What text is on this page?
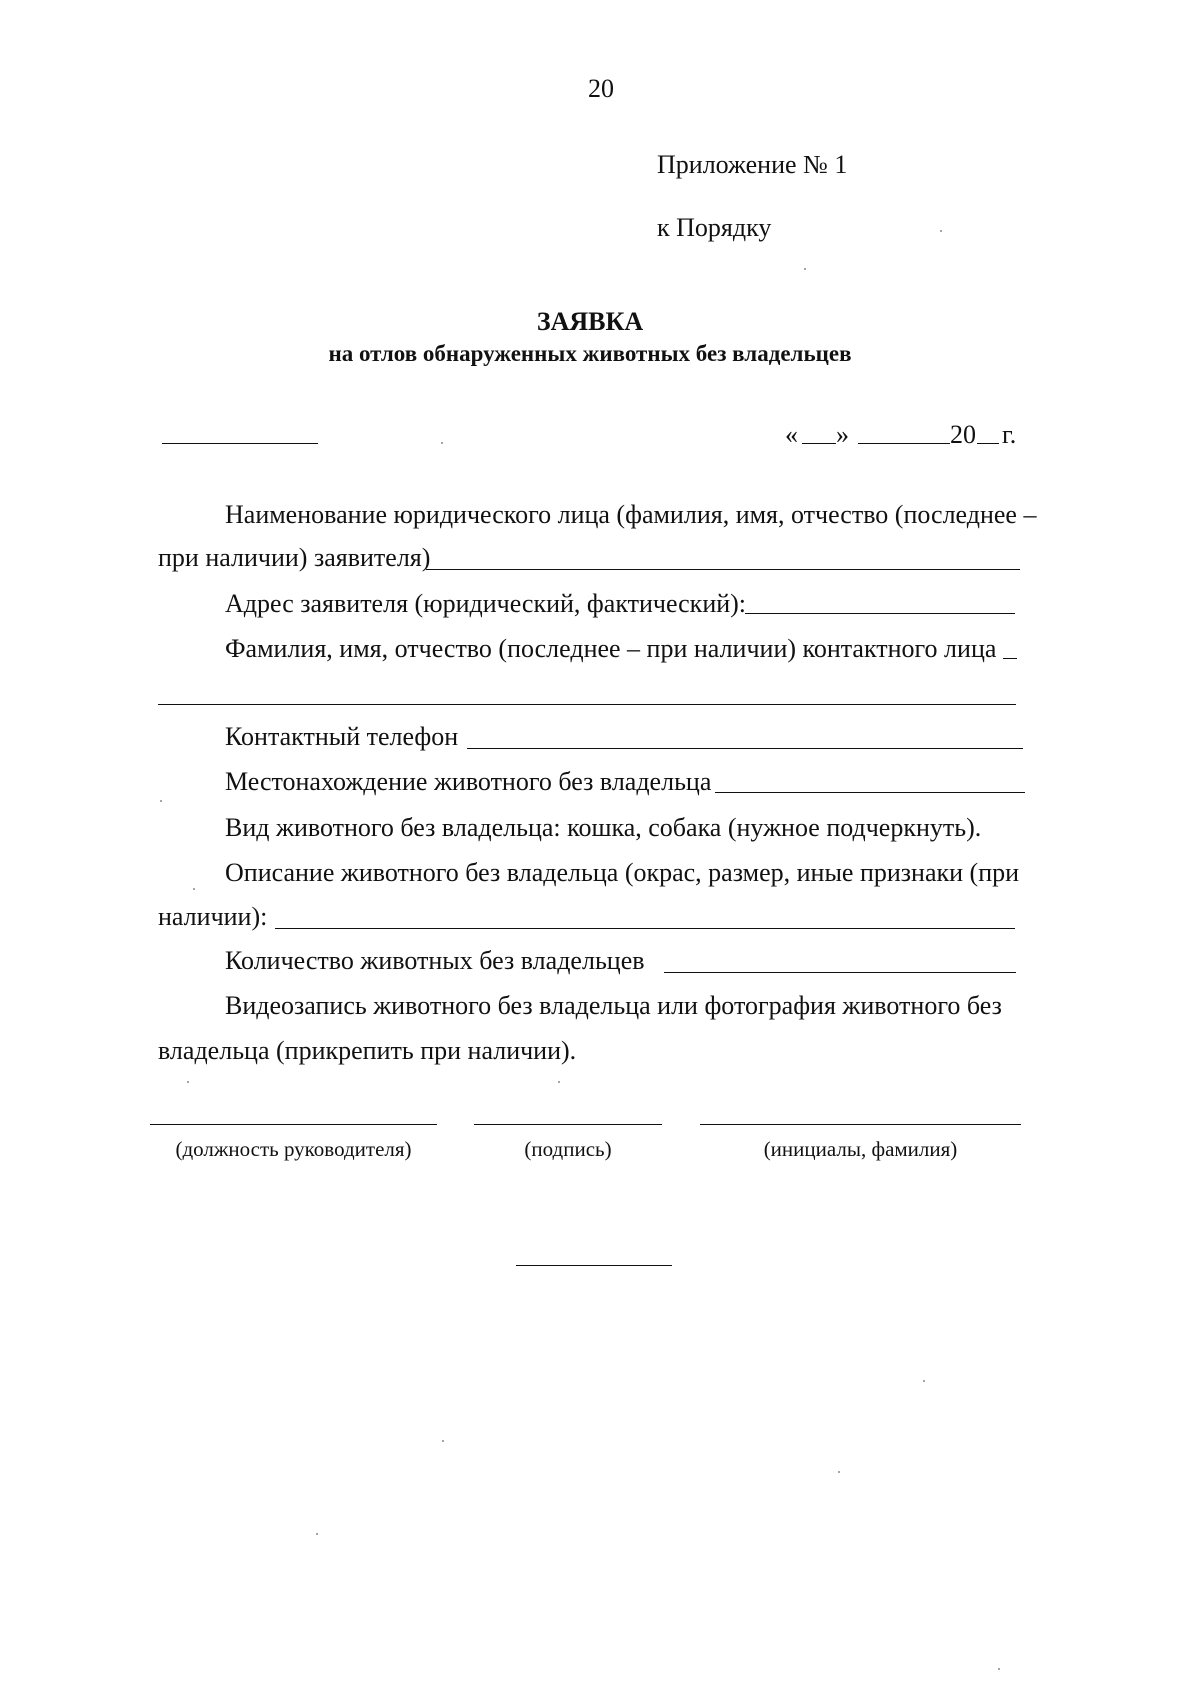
20
Приложение № 1
к Порядку
ЗАЯВКА
на отлов обнаруженных животных без владельцев
« »	20 г.
Наименование юридического лица (фамилия, имя, отчество (последнее –
при наличии) заявителя)
Адрес заявителя (юридический, фактический):
Фамилия, имя, отчество (последнее – при наличии) контактного лица
Контактный телефон
Местонахождение животного без владельца
Вид животного без владельца: кошка, собака (нужное подчеркнуть).
Описание животного без владельца (окрас, размер, иные признаки (при
наличии):
Количество животных без владельцев
Видеозапись животного без владельца или фотография животного без
владельца (прикрепить при наличии).
(должность руководителя)	(подпись)	(инициалы, фамилия)
